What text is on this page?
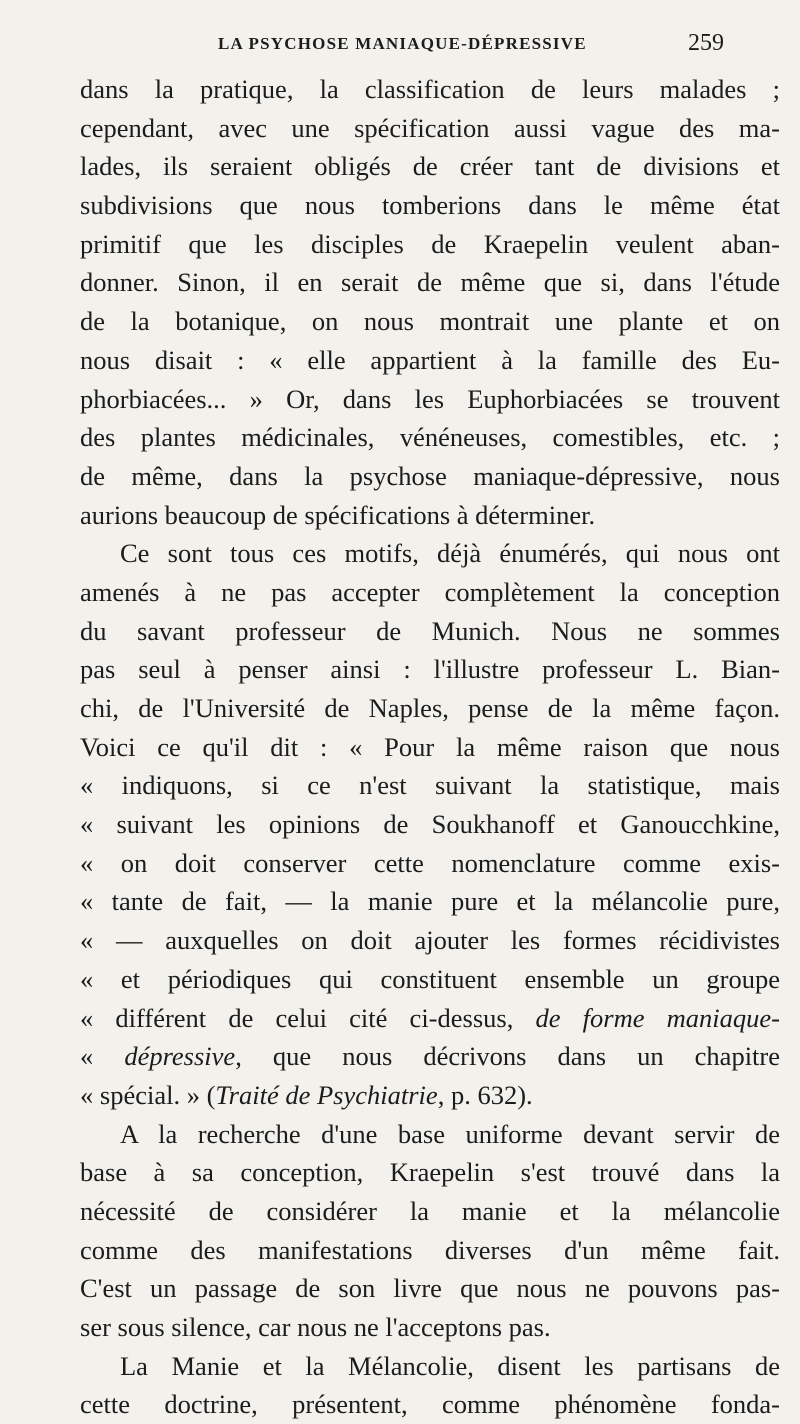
LA PSYCHOSE MANIAQUE-DÉPRESSIVE	259
dans la pratique, la classification de leurs malades ;
cependant, avec une spécification aussi vague des ma-
lades, ils seraient obligés de créer tant de divisions et
subdivisions que nous tomberions dans le même état
primitif que les disciples de Kraepelin veulent aban-
donner. Sinon, il en serait de même que si, dans l'étude
de la botanique, on nous montrait une plante et on
nous disait : « elle appartient à la famille des Eu-
phorbiacées... » Or, dans les Euphorbiacées se trouvent
des plantes médicinales, vénéneuses, comestibles, etc. ;
de même, dans la psychose maniaque-dépressive, nous
aurions beaucoup de spécifications à déterminer.
Ce sont tous ces motifs, déjà énumérés, qui nous ont
amenés à ne pas accepter complètement la conception
du savant professeur de Munich. Nous ne sommes
pas seul à penser ainsi : l'illustre professeur L. Bian-
chi, de l'Université de Naples, pense de la même façon.
Voici ce qu'il dit : « Pour la même raison que nous
« indiquons, si ce n'est suivant la statistique, mais
« suivant les opinions de Soukhanoff et Ganoucchkine,
« on doit conserver cette nomenclature comme exis-
« tante de fait, — la manie pure et la mélancolie pure,
« — auxquelles on doit ajouter les formes récidivistes
« et périodiques qui constituent ensemble un groupe
« différent de celui cité ci-dessus, de forme maniaque-
« dépressive, que nous décrivons dans un chapitre
« spécial. » (Traité de Psychiatrie, p. 632).
A la recherche d'une base uniforme devant servir de
base à sa conception, Kraepelin s'est trouvé dans la
nécessité de considérer la manie et la mélancolie
comme des manifestations diverses d'un même fait.
C'est un passage de son livre que nous ne pouvons pas-
ser sous silence, car nous ne l'acceptons pas.
La Manie et la Mélancolie, disent les partisans de
cette doctrine, présentent, comme phénomène fonda-
